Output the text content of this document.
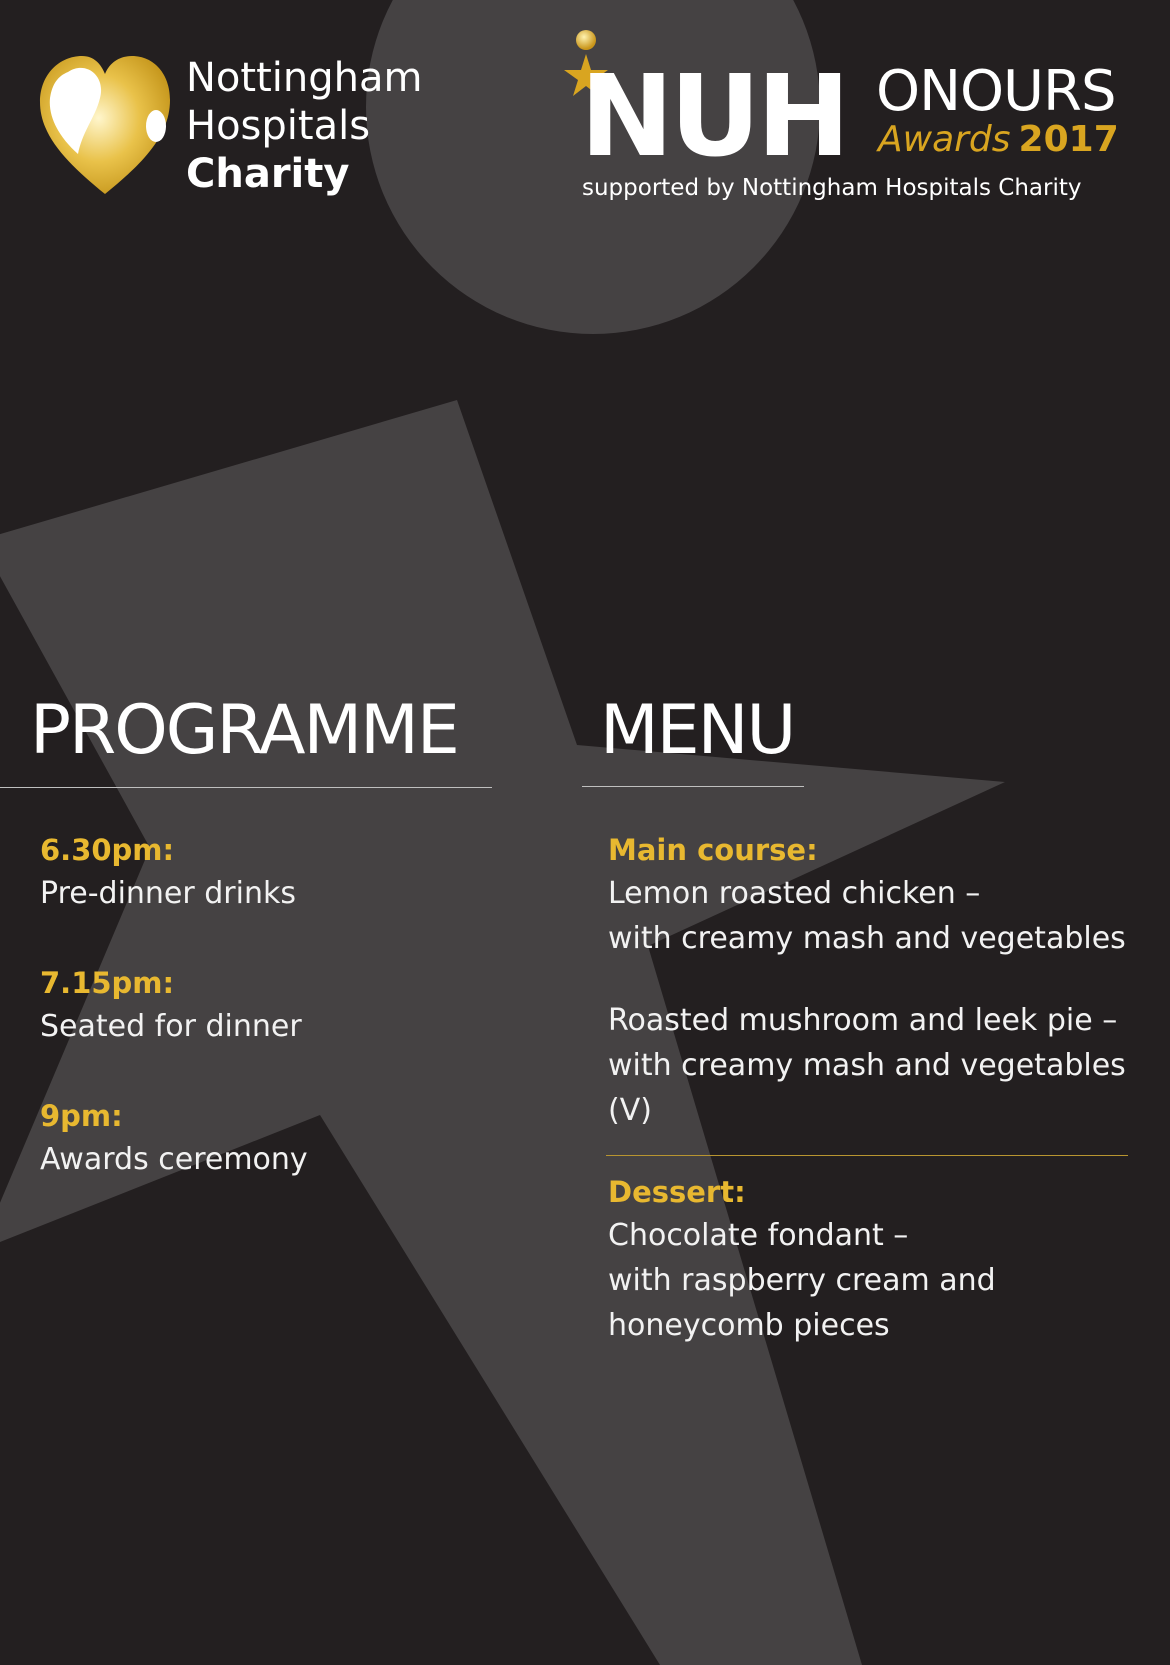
Nottingham
Hospitals
Charity NUH ONOURS
Awards 2017
supported by Nottingham Hospitals Charity
PROGRAMME MENU
6.30pm:
Pre-dinner drinks
7.15pm:
Seated for dinner
9pm:
Awards ceremony
Main course:
Lemon roasted chicken –
with creamy mash and vegetables
Roasted mushroom and leek pie –
with creamy mash and vegetables
(V)
Dessert:
Chocolate fondant –
with raspberry cream and
honeycomb pieces
